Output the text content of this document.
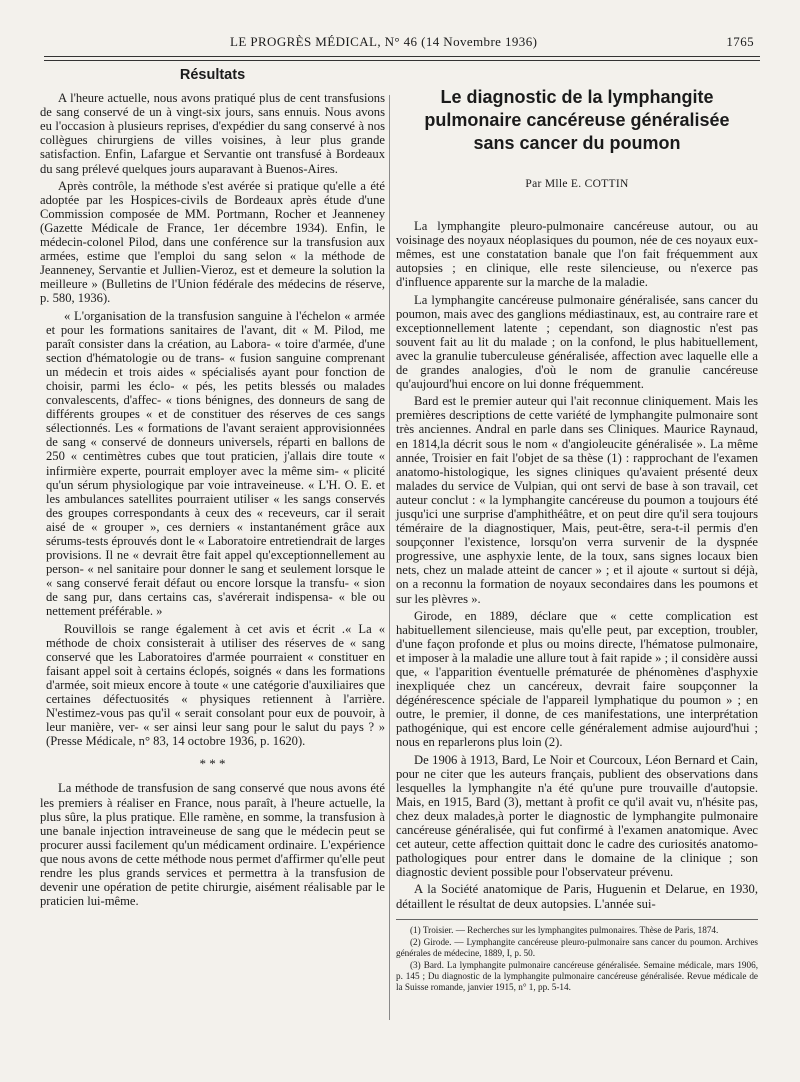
LE PROGRÈS MÉDICAL, N° 46 (14 Novembre 1936)	1765
Résultats

A l'heure actuelle, nous avons pratiqué plus de cent transfusions de sang conservé de un à vingt-six jours, sans ennuis. Nous avons eu l'occasion à plusieurs reprises, d'expédier du sang conservé à nos collègues chirurgiens de villes voisines, à leur plus grande satisfaction. Enfin, Lafargue et Servantie ont transfusé à Bordeaux du sang prélevé quelques jours auparavant à Buenos-Aires.

Après contrôle, la méthode s'est avérée si pratique qu'elle a été adoptée par les Hospices-civils de Bordeaux après étude d'une Commission composée de MM. Portmann, Rocher et Jeanneney (Gazette Médicale de France, 1er décembre 1934). Enfin, le médecin-colonel Pilod, dans une conférence sur la transfusion aux armées, estime que l'emploi du sang selon « la méthode de Jeanneney, Servantie et Jullien-Vieroz, est et demeure la solution la meilleure » (Bulletins de l'Union fédérale des médecins de réserve, p. 580, 1936).

« L'organisation de la transfusion sanguine à l'échelon « armée et pour les formations sanitaires de l'avant, dit « M. Pilod, me paraît consister dans la création, au Labora- « toire d'armée, d'une section d'hématologie ou de trans- « fusion sanguine comprenant un médecin et trois aides « spécialisés ayant pour fonction de choisir, parmi les éclo- « pés, les petits blessés ou malades convalescents, d'affec- « tions bénignes, des donneurs de sang de différents groupes « et de constituer des réserves de ces sangs sélectionnés. Les « formations de l'avant seraient approvisionnées de sang « conservé de donneurs universels, réparti en ballons de 250 « centimètres cubes que tout praticien, j'allais dire toute « infirmière experte, pourrait employer avec la même sim- « plicité qu'un sérum physiologique par voie intraveineuse. « L'H. O. E. et les ambulances satellites pourraient utiliser « les sangs conservés des groupes correspondants à ceux des « receveurs, car il serait aisé de « grouper », ces derniers « instantanément grâce aux sérums-tests éprouvés dont le « Laboratoire entretiendrait de larges provisions. Il ne « devrait être fait appel qu'exceptionnellement au person- « nel sanitaire pour donner le sang et seulement lorsque le « sang conservé ferait défaut ou encore lorsque la transfu- « sion de sang pur, dans certains cas, s'avérerait indispensa- « ble ou nettement préférable. »

Rouvillois se range également à cet avis et écrit .« La « méthode de choix consisterait à utiliser des réserves de « sang conservé que les Laboratoires d'armée pourraient « constituer en faisant appel soit à certains éclopés, soignés « dans les formations d'armée, soit mieux encore à toute « une catégorie d'auxiliaires que certaines défectuosités « physiques retiennent à l'arrière. N'estimez-vous pas qu'il « serait consolant pour eux de pouvoir, à leur manière, ver- « ser ainsi leur sang pour le salut du pays ? » (Presse Médicale, n° 83, 14 octobre 1936, p. 1620).

* * *

La méthode de transfusion de sang conservé que nous avons été les premiers à réaliser en France, nous paraît, à l'heure actuelle, la plus sûre, la plus pratique. Elle ramène, en somme, la transfusion à une banale injection intraveineuse de sang que le médecin peut se procurer aussi facilement qu'un médicament ordinaire. L'expérience que nous avons de cette méthode nous permet d'affirmer qu'elle peut rendre les plus grands services et permettra à la transfusion de devenir une opération de petite chirurgie, aisément réalisable par le praticien lui-même.

Le diagnostic de la lymphangite
pulmonaire cancéreuse généralisée
sans cancer du poumon
Par Mlle E. COTTIN

La lymphangite pleuro-pulmonaire cancéreuse autour, ou au voisinage des noyaux néoplasiques du poumon, née de ces noyaux eux-mêmes, est une constatation banale que l'on fait fréquemment aux autopsies ; en clinique, elle reste silencieuse, ou n'exerce pas d'influence apparente sur la marche de la maladie.

La lymphangite cancéreuse pulmonaire généralisée, sans cancer du poumon, mais avec des ganglions médiastinaux, est, au contraire rare et exceptionnellement latente ; cependant, son diagnostic n'est pas souvent fait au lit du malade ; on la confond, le plus habituellement, avec la granulie tuberculeuse généralisée, affection avec laquelle elle a de grandes analogies, d'où le nom de granulie cancéreuse qu'aujourd'hui encore on lui donne fréquemment.

Bard est le premier auteur qui l'ait reconnue cliniquement. Mais les premières descriptions de cette variété de lymphangite pulmonaire sont très anciennes. Andral en parle dans ses Cliniques. Maurice Raynaud, en 1814,la décrit sous le nom « d'angioleucite généralisée ». La même année, Troisier en fait l'objet de sa thèse (1) : rapprochant de l'examen anatomo-histologique, les signes cliniques qu'avaient présenté deux malades du service de Vulpian, qui ont servi de base à son travail, cet auteur conclut : « la lymphangite cancéreuse du poumon a toujours été jusqu'ici une surprise d'amphithéâtre, et on peut dire qu'il sera toujours téméraire de la diagnostiquer, Mais, peut-être, sera-t-il permis d'en soupçonner l'existence, lorsqu'on verra survenir de la dyspnée progressive, une asphyxie lente, de la toux, sans signes locaux bien nets, chez un malade atteint de cancer » ; et il ajoute « surtout si déjà, on a reconnu la formation de noyaux secondaires dans les poumons et sur les plèvres ».

Girode, en 1889, déclare que « cette complication est habituellement silencieuse, mais qu'elle peut, par exception, troubler, d'une façon profonde et plus ou moins directe, l'hématose pulmonaire, et imposer à la maladie une allure tout à fait rapide » ; il considère aussi que, « l'apparition éventuelle prématurée de phénomènes d'asphyxie inexpliquée chez un cancéreux, devrait faire soupçonner la dégénérescence spéciale de l'appareil lymphatique du poumon » ; en outre, le premier, il donne, de ces manifestations, une interprétation pathogénique, qui est encore celle généralement admise aujourd'hui ; nous en reparlerons plus loin (2).

De 1906 à 1913, Bard, Le Noir et Courcoux, Léon Bernard et Cain, pour ne citer que les auteurs français, publient des observations dans lesquelles la lymphangite n'a été qu'une pure trouvaille d'autopsie. Mais, en 1915, Bard (3), mettant à profit ce qu'il avait vu, n'hésite pas, chez deux malades,à porter le diagnostic de lymphangite pulmonaire cancéreuse généralisée, qui fut confirmé à l'examen anatomique. Avec cet auteur, cette affection quittait donc le cadre des curiosités anatomo-pathologiques pour entrer dans le domaine de la clinique ; son diagnostic devient possible pour l'observateur prévenu.

A la Société anatomique de Paris, Huguenin et Delarue, en 1930, détaillent le résultat de deux autopsies. L'année sui-

(1) Troisier. — Recherches sur les lymphangites pulmonaires. Thèse de Paris, 1874.

(2) Girode. — Lymphangite cancéreuse pleuro-pulmonaire sans cancer du poumon. Archives générales de médecine, 1889, I, p. 50.

(3) Bard. La lymphangite pulmonaire cancéreuse généralisée. Semaine médicale, mars 1906, p. 145 ; Du diagnostic de la lymphangite pulmonaire cancéreuse généralisée. Revue médicale de la Suisse romande, janvier 1915, n° 1, pp. 5-14.
